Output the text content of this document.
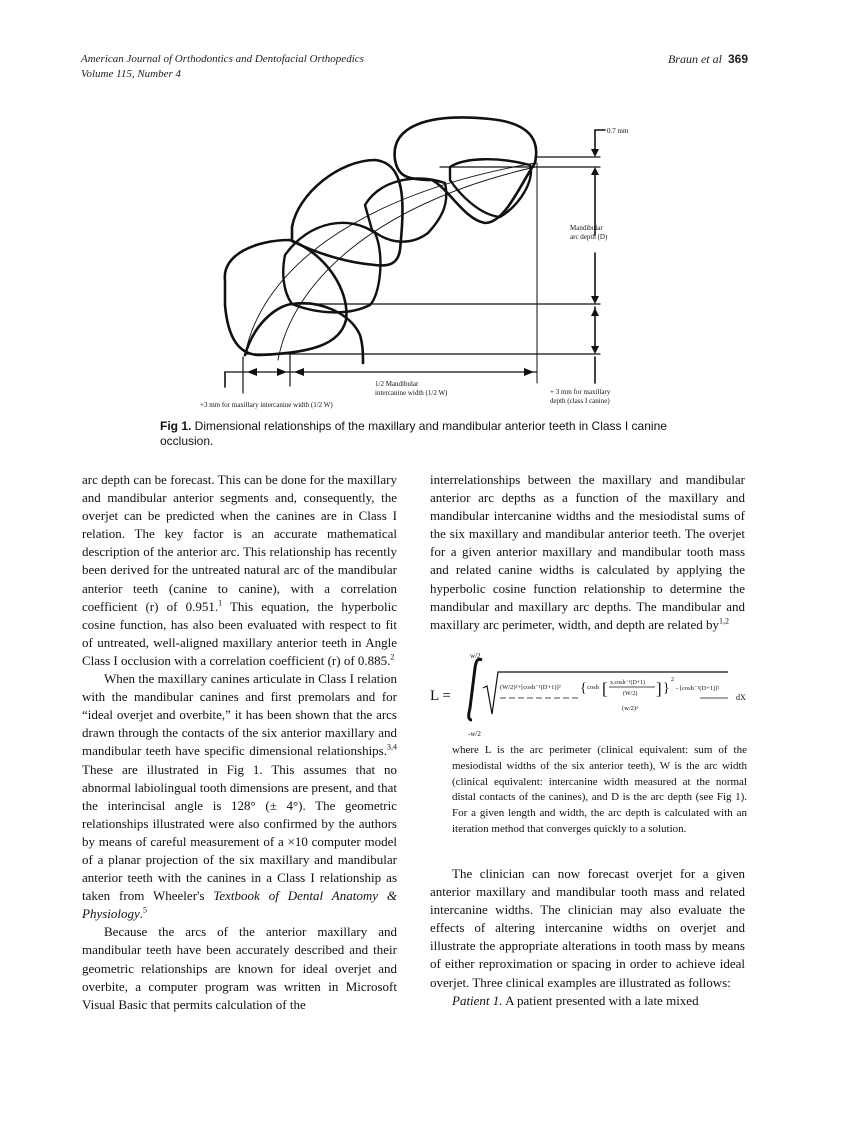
American Journal of Orthodontics and Dentofacial Orthopedics
Volume 115, Number 4
Braun et al 369
0.7 mm
Mandibular
arc depth (D)
1/2 Mandibular
intercanine width (1/2 W)
+3 mm for maxillary intercanine width (1/2 W)
+ 3 mm for maxillary
depth (class I canine)
Fig 1. Dimensional relationships of the maxillary and mandibular anterior teeth in Class I canine occlusion.

arc depth can be forecast. This can be done for the maxillary and mandibular anterior segments and, consequently, the overjet can be predicted when the canines are in Class I relation. The key factor is an accurate mathematical description of the anterior arc. This relationship has recently been derived for the untreated natural arc of the mandibular anterior teeth (canine to canine), with a correlation coefficient (r) of 0.951.$^1$ This equation, the hyperbolic cosine function, has also been evaluated with respect to fit of untreated, well-aligned maxillary anterior teeth in Angle Class I occlusion with a correlation coefficient (r) of 0.885.$^2$

When the maxillary canines articulate in Class I relation with the mandibular canines and first premolars and for “ideal overjet and overbite,” it has been shown that the arcs drawn through the contacts of the six anterior maxillary and mandibular teeth have specific dimensional relationships.$^{3,4}$ These are illustrated in Fig 1. This assumes that no abnormal labiolingual tooth dimensions are present, and that the interincisal angle is 128° (± 4°). The geometric relationships illustrated were also confirmed by the authors by means of careful measurement of a ×10 computer model of a planar projection of the six maxillary and mandibular anterior teeth with the canines in a Class I relationship as taken from Wheeler's Textbook of Dental Anatomy & Physiology.$^5$

Because the arcs of the anterior maxillary and mandibular teeth have been accurately described and their geometric relationships are known for ideal overjet and overbite, a computer program was written in Microsoft Visual Basic that permits calculation of the

interrelationships between the maxillary and mandibular anterior arc depths as a function of the maxillary and mandibular intercanine widths and the mesiodistal sums of the six maxillary and mandibular anterior teeth. The overjet for a given anterior maxillary and mandibular tooth mass and related canine widths is calculated by applying the hyperbolic cosine function relationship to determine the mandibular and maxillary arc depths. The mandibular and maxillary arc perimeter, width, and depth are related by$^{1,2}$

L =
w/2
-w/2
(W/2)²+[cosh⁻¹(D+1)]² { cosh [ x.cosh⁻¹(D+1)
(W/2) ] }
2
- [cosh⁻¹(D+1)]²
(w/2)²
dX
where L is the arc perimeter (clinical equivalent: sum of the mesiodistal widths of the six anterior teeth), W is the arc width (clinical equivalent: intercanine width measured at the normal distal contacts of the canines), and D is the arc depth (see Fig 1). For a given length and width, the arc depth is calculated with an iteration method that converges quickly to a solution.

The clinician can now forecast overjet for a given anterior maxillary and mandibular tooth mass and related intercanine widths. The clinician may also evaluate the effects of altering intercanine widths on overjet and illustrate the appropriate alterations in tooth mass by means of either reproximation or spacing in order to achieve ideal overjet. Three clinical examples are illustrated as follows:

Patient 1. A patient presented with a late mixed
